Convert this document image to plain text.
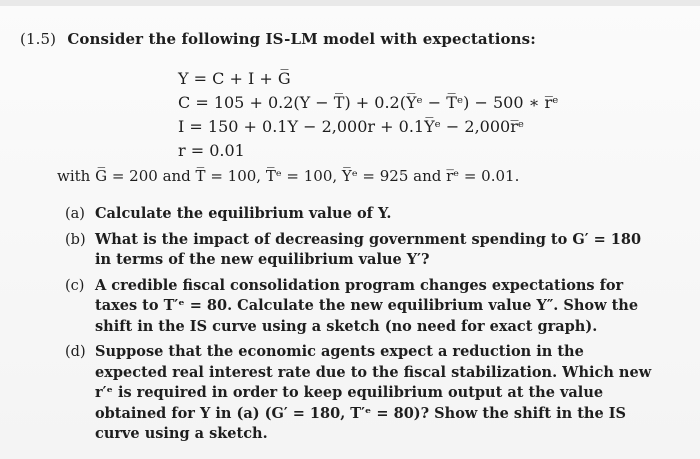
(1.5) Consider the following IS-LM model with expectations:
Y = C + I + G̅
C = 105 + 0.2(Y − T̅) + 0.2(Y̅ᵉ − T̅ᵉ) − 500 ∗ r̅ᵉ
I = 150 + 0.1Y − 2,000r + 0.1Y̅ᵉ − 2,000r̅ᵉ
r = 0.01
with G̅ = 200 and T̅ = 100, T̅ᵉ = 100, Y̅ᵉ = 925 and r̅ᵉ = 0.01.
(a) Calculate the equilibrium value of Y.
(b) What is the impact of decreasing government spending to G′ = 180 in terms of the new equilibrium value Y′?
(c) A credible fiscal consolidation program changes expectations for taxes to T′ᵉ = 80. Calculate the new equilibrium value Y″. Show the shift in the IS curve using a sketch (no need for exact graph).
(d) Suppose that the economic agents expect a reduction in the expected real interest rate due to the fiscal stabilization. Which new r′ᵉ is required in order to keep equilibrium output at the value obtained for Y in (a) (G′ = 180, T′ᵉ = 80)? Show the shift in the IS curve using a sketch.
